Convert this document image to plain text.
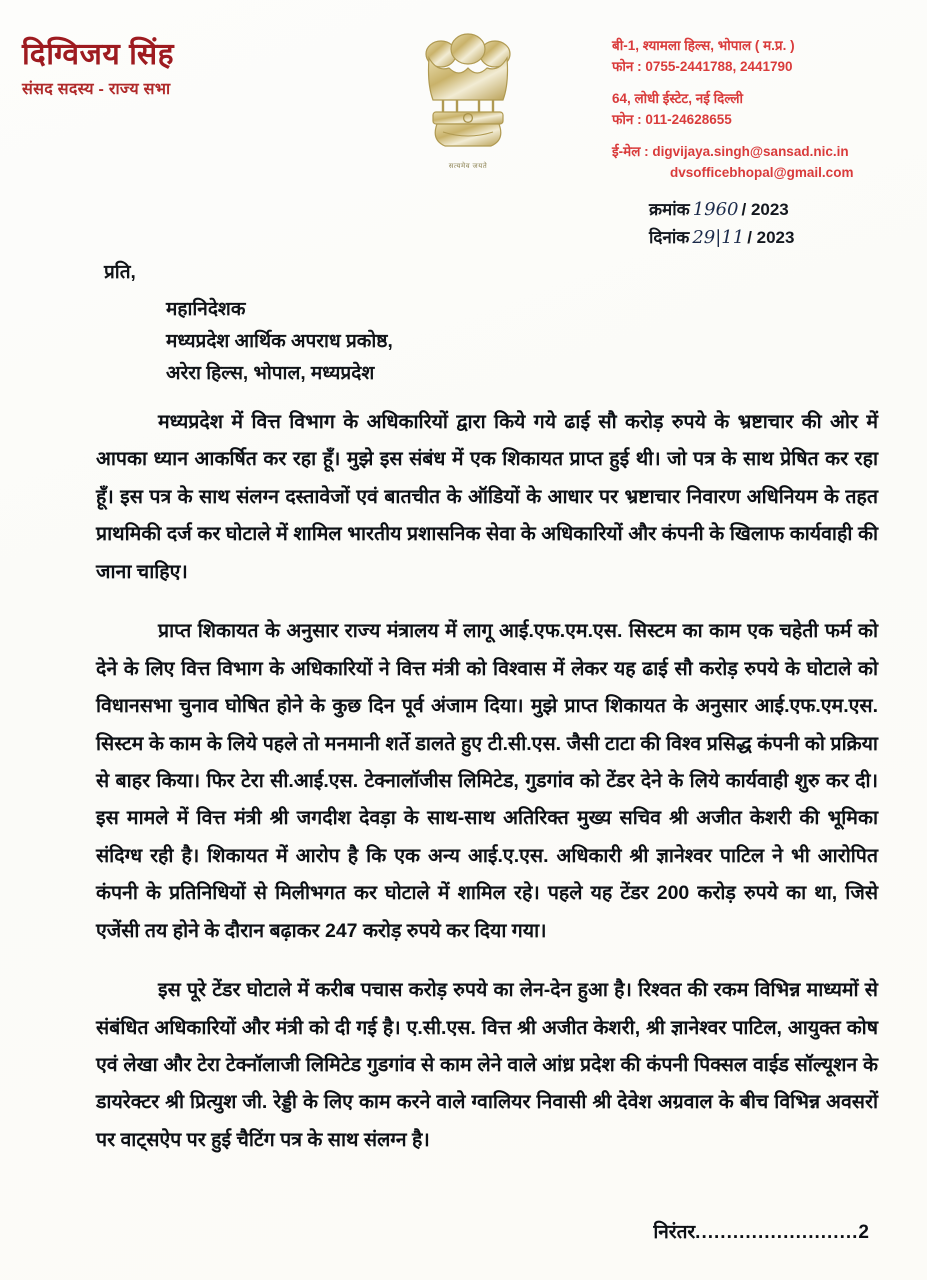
दिग्विजय सिंह
संसद सदस्य - राज्य सभा
सत्यमेव जयते
बी-1, श्यामला हिल्स, भोपाल ( म.प्र. )
फोन : 0755-2441788, 2441790
64, लोधी ईस्टेट, नई दिल्ली
फोन : 011-24628655
ई-मेल : digvijaya.singh@sansad.nic.in
dvsofficebhopal@gmail.com
क्रमांक 1960 / 2023
दिनांक 29|11 / 2023
प्रति,
महानिदेशक
मध्यप्रदेश आर्थिक अपराध प्रकोष्ठ,
अरेरा हिल्स, भोपाल, मध्यप्रदेश

मध्यप्रदेश में वित्त विभाग के अधिकारियों द्वारा किये गये ढाई सौ करोड़ रुपये के भ्रष्टाचार की ओर में आपका ध्यान आकर्षित कर रहा हूँ। मुझे इस संबंध में एक शिकायत प्राप्त हुई थी। जो पत्र के साथ प्रेषित कर रहा हूँ। इस पत्र के साथ संलग्न दस्तावेजों एवं बातचीत के ऑडियों के आधार पर भ्रष्टाचार निवारण अधिनियम के तहत प्राथमिकी दर्ज कर घोटाले में शामिल भारतीय प्रशासनिक सेवा के अधिकारियों और कंपनी के खिलाफ कार्यवाही की जाना चाहिए।

प्राप्त शिकायत के अनुसार राज्य मंत्रालय में लागू आई.एफ.एम.एस. सिस्टम का काम एक चहेती फर्म को देने के लिए वित्त विभाग के अधिकारियों ने वित्त मंत्री को विश्वास में लेकर यह ढाई सौ करोड़ रुपये के घोटाले को विधानसभा चुनाव घोषित होने के कुछ दिन पूर्व अंजाम दिया। मुझे प्राप्त शिकायत के अनुसार आई.एफ.एम.एस. सिस्टम के काम के लिये पहले तो मनमानी शर्ते डालते हुए टी.सी.एस. जैसी टाटा की विश्व प्रसिद्ध कंपनी को प्रक्रिया से बाहर किया। फिर टेरा सी.आई.एस. टेक्नालॉजीस लिमिटेड, गुडगांव को टेंडर देने के लिये कार्यवाही शुरु कर दी। इस मामले में वित्त मंत्री श्री जगदीश देवड़ा के साथ-साथ अतिरिक्त मुख्य सचिव श्री अजीत केशरी की भूमिका संदिग्ध रही है। शिकायत में आरोप है कि एक अन्य आई.ए.एस. अधिकारी श्री ज्ञानेश्वर पाटिल ने भी आरोपित कंपनी के प्रतिनिधियों से मिलीभगत कर घोटाले में शामिल रहे। पहले यह टेंडर 200 करोड़ रुपये का था, जिसे एजेंसी तय होने के दौरान बढ़ाकर 247 करोड़ रुपये कर दिया गया।

इस पूरे टेंडर घोटाले में करीब पचास करोड़ रुपये का लेन-देन हुआ है। रिश्वत की रकम विभिन्न माध्यमों से संबंधित अधिकारियों और मंत्री को दी गई है। ए.सी.एस. वित्त श्री अजीत केशरी, श्री ज्ञानेश्वर पाटिल, आयुक्त कोष एवं लेखा और टेरा टेक्नॉलाजी लिमिटेड गुडगांव से काम लेने वाले आंध्र प्रदेश की कंपनी पिक्सल वाईड सॉल्यूशन के डायरेक्टर श्री प्रित्युश जी. रेड्डी के लिए काम करने वाले ग्वालियर निवासी श्री देवेश अग्रवाल के बीच विभिन्न अवसरों पर वाट्सऐप पर हुई चैटिंग पत्र के साथ संलग्न है।

निरंतर..........................2
